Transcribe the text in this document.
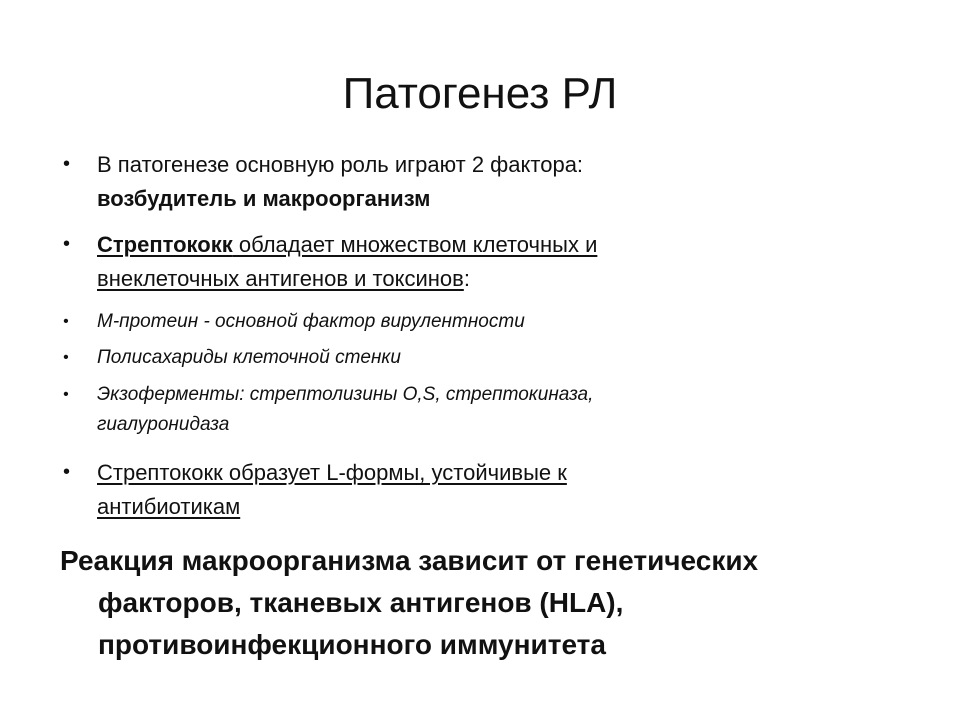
Патогенез РЛ
• В патогенезе основную роль играют 2 фактора:
возбудитель и макроорганизм
• Стрептококк обладает множеством клеточных и
внеклеточных антигенов и токсинов:
• М-протеин - основной фактор вирулентности
• Полисахариды клеточной стенки
• Экзоферменты: стрептолизины O,S, стрептокиназа,
гиалуронидаза
• Стрептококк образует L-формы, устойчивые к
антибиотикам
Реакция макроорганизма зависит от генетических
факторов, тканевых антигенов (HLA),
противоинфекционного иммунитета
